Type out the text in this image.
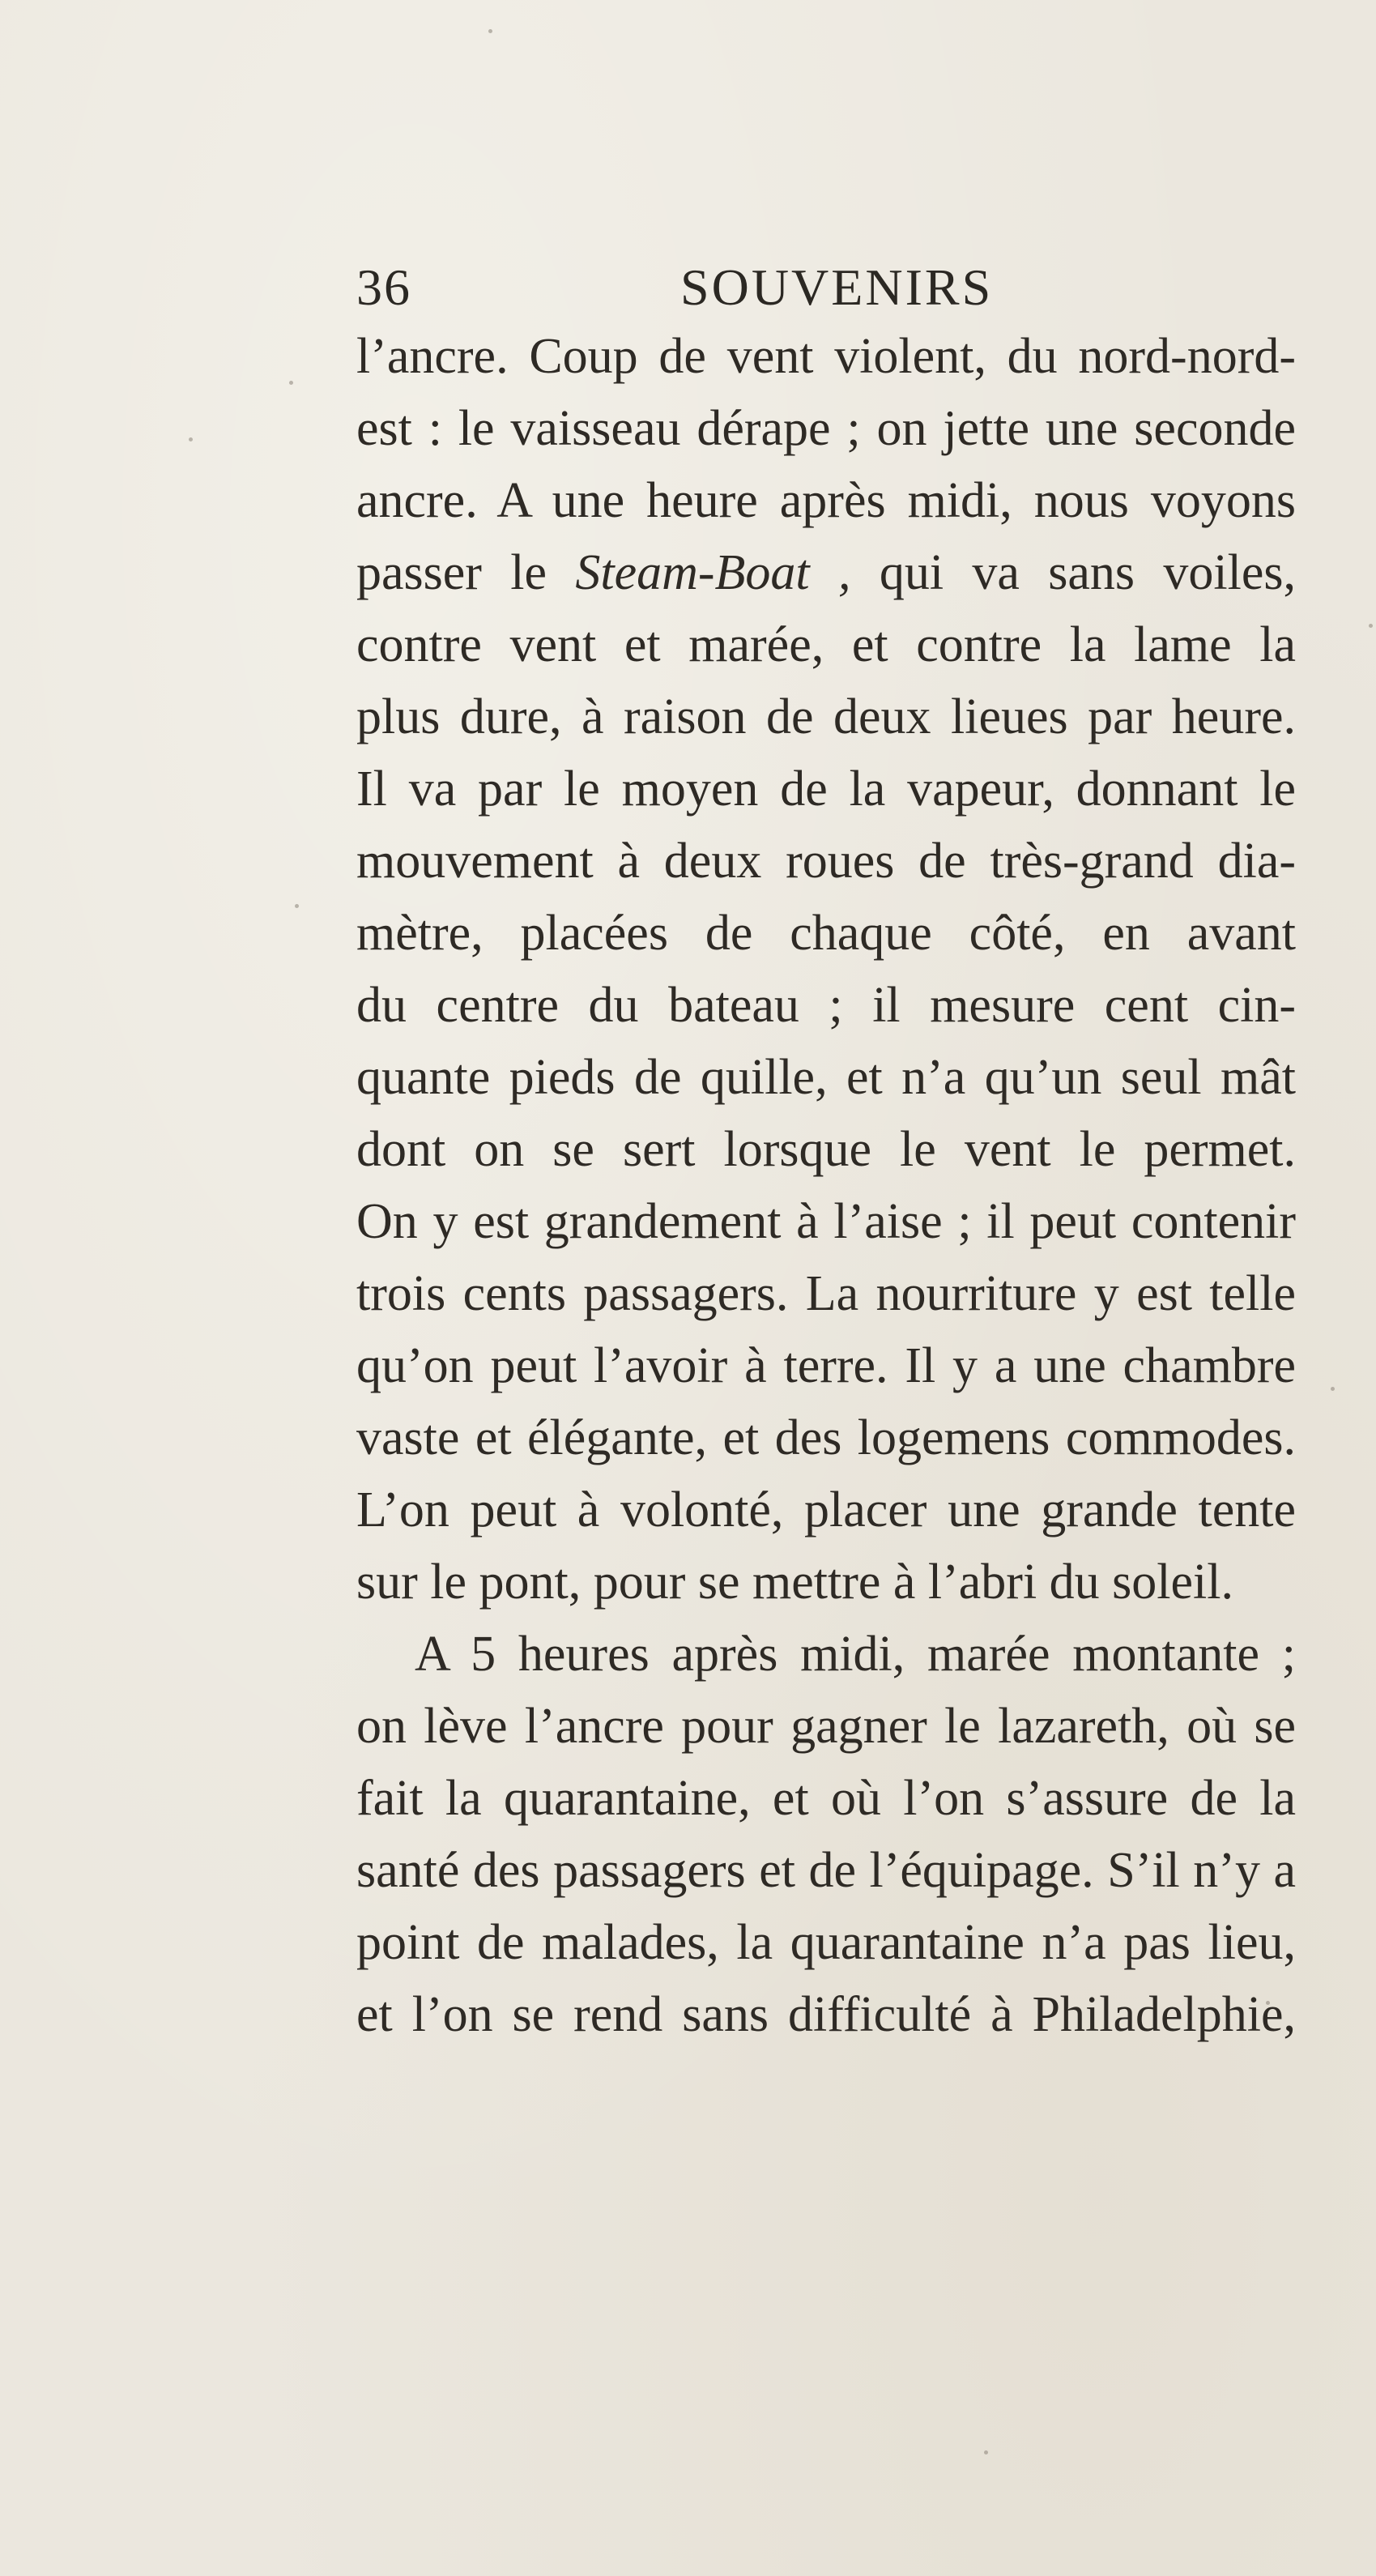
36	SOUVENIRS
l’ancre. Coup de vent violent, du nord-nord-
est : le vaisseau dérape ; on jette une seconde
ancre. A une heure après midi, nous voyons
passer le Steam-Boat , qui va sans voiles,
contre vent et marée, et contre la lame la
plus dure, à raison de deux lieues par heure.
Il va par le moyen de la vapeur, donnant le
mouvement à deux roues de très-grand dia-
mètre, placées de chaque côté, en avant
du centre du bateau ; il mesure cent cin-
quante pieds de quille, et n’a qu’un seul mât
dont on se sert lorsque le vent le permet.
On y est grandement à l’aise ; il peut contenir
trois cents passagers. La nourriture y est telle
qu’on peut l’avoir à terre. Il y a une chambre
vaste et élégante, et des logemens commodes.
L’on peut à volonté, placer une grande tente
sur le pont, pour se mettre à l’abri du soleil.
A 5 heures après midi, marée montante ;
on lève l’ancre pour gagner le lazareth, où se
fait la quarantaine, et où l’on s’assure de la
santé des passagers et de l’équipage. S’il n’y a
point de malades, la quarantaine n’a pas lieu,
et l’on se rend sans difficulté à Philadelphie,
